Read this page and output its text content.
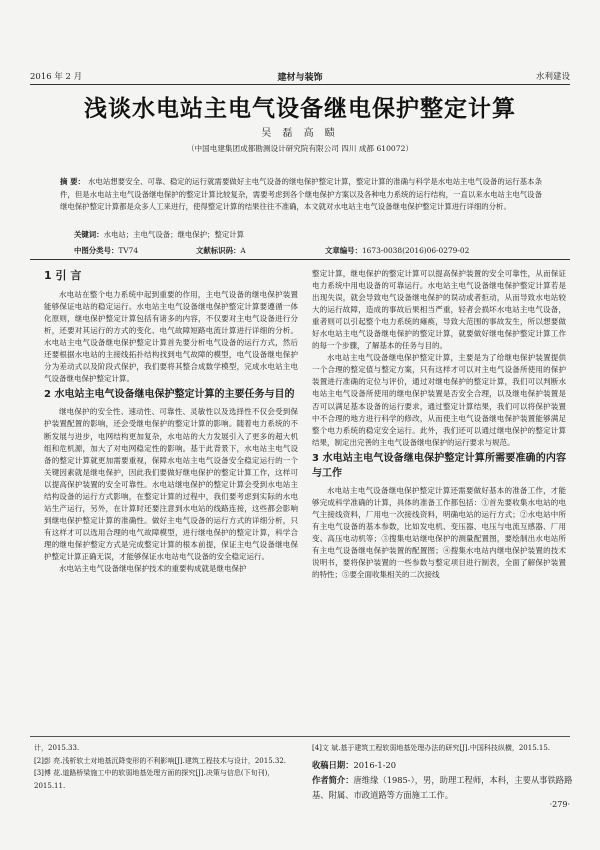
2016 年 2 月	建材与装饰	水利建设
浅谈水电站主电气设备继电保护整定计算
吴 磊 高 赜
（中国电建集团成都勘测设计研究院有限公司 四川 成都 610072）
摘 要： 水电站想要安全、可靠、稳定的运行就需要做好主电气设备的继电保护整定计算，整定计算的准确与科学是水电站主电气设备的运行基本条件，但是水电站主电气设备继电保护的整定计算比较复杂，需要考虑到各个继电保护方案以及各种电力系统的运行结构，一直以来水电站主电气设备继电保护整定计算都是众多人工来进行，使得整定计算的结果往往不准确，本文就对水电站主电气设备继电保护整定计算进行详细的分析。
关键词：水电站；主电气设备；继电保护；整定计算
中图分类号：TV74	文献标识码：A	文章编号：1673-0038(2016)06-0279-02
1 引 言

水电站在整个电力系统中起到重要的作用，主电气设备的继电保护装置能够保证电站的稳定运行。水电站主电气设备继电保护整定计算要遵循一体化原则，继电保护整定计算包括有诸多的内容，不仅要对主电气设备进行分析，还要对其运行的方式的变化、电气故障短路电流计算进行详细的分析。水电站主电气设备继电保护整定计算首先要分析电气设备的运行方式，然后还要根据水电站的主接线拓扑结构找到电气故障的模型，电气设备继电保护分为差动式以及阶段式保护，我们要将其整合成数学模型，完成水电站主电气设备继电保护整定计算。

2 水电站主电气设备继电保护整定计算的主要任务与目的

继电保护的安全性、速动性、可靠性、灵敏性以及选择性不仅会受到保护装置配置的影响，还会受继电保护的整定计算的影响。随着电力系统的不断发展与进步，电网结构更加复杂，水电站的大力发展引入了更多的超大机组和危机源，加大了对电网稳定性的影响。基于此背景下，水电站主电气设备的整定计算就更加需要重视，保障水电站主电气设备安全稳定运行的一个关键因素就是继电保护，因此我们要做好继电保护的整定计算工作，这样可以提高保护装置的安全可靠性。水电站继电保护的整定计算会受到水电站主结构设备的运行方式影响，在整定计算的过程中，我们要考虑到实际的水电站生产运行，另外，在计算时还要注意到水电站的线路连接，这些都会影响到继电保护整定计算的准确性。做好主电气设备的运行方式的详细分析，只有这样才可以选用合理的电气故障模型，进行继电保护的整定计算，科学合理的继电保护整定方式是完成整定计算的根本前提，保证主电气设备继电保护整定计算正确无误，才能够保证水电站电气设备的安全稳定运行。

水电站主电气设备继电保护技术的重要构成就是继电保护

整定计算，继电保护的整定计算可以提高保护装置的安全可靠性，从而保证电力系统中用电设备的可靠运行。水电站主电气设备继电保护整定计算若是出现失误，就会导致电气设备继电保护的误动或者拒动，从而导致水电站较大的运行故障，造成的事故后果相当严重，轻者会损坏水电站主电气设备，重者则可以引起整个电力系统的瘫痪，导致大范围的事故发生，所以想要做好水电站主电气设备继电保护的整定计算，就要做好继电保护整定计算工作的每一个步骤，了解基本的任务与目的。

水电站主电气设备继电保护整定计算，主要是为了给继电保护装置提供一个合理的整定值与整定方案，只有这样才可以对主电气设备所使用的保护装置进行准确的定位与评价，通过对继电保护的整定计算，我们可以判断水电站主电气设备所使用的继电保护装置是否安全合理，以及继电保护装置是否可以满足基本设备的运行要求，通过整定计算结果，我们可以将保护装置中不合理的地方进行科学的修改，从而使主电气设备继电保护装置能够满足整个电力系统的稳定安全运行。此外，我们还可以通过继电保护的整定计算结果，制定出完善的主电气设备继电保护的运行要求与规范。

3 水电站主电气设备继电保护整定计算所需要准确的内容与工作

水电站主电气设备继电保护整定计算还需要做好基本的准备工作，才能够完成科学准确的计算，具体的准备工作都包括：①首先要收集水电站的电气主接线资料，厂用电一次接线资料，明确电站的运行方式；②水电站中所有主电气设备的基本参数，比如发电机、变压器、电压与电流互感器、厂用变、高压电动机等；③搜集电站继电保护的测量配置图，要绘制出水电站所有主电气设备继电保护装置的配置图；④搜集水电站内继电保护装置的技术说明书，要将保护装置的一些参数与整定项目进行制表，全面了解保护装置的特性；⑤要全面收集相关的二次接线

计，2015.33.

[2]彭 亮.浅析软土对地基沉降变形的不利影响[J].建筑工程技术与设计，2015.32.

[3]傅 花.道路桥梁施工中的软弱地基处理方面的探究[J].决策与信息(下旬刊)，2015.11.

[4]文 斌.基于建筑工程软弱地基处理办法的研究[J].中国科技纵横，2015.15.

收稿日期：2016-1-20

作者简介：唐维缘（1985-），男，助理工程师，本科，主要从事铁路路基、附属、市政道路等方面施工工作。

·279·
